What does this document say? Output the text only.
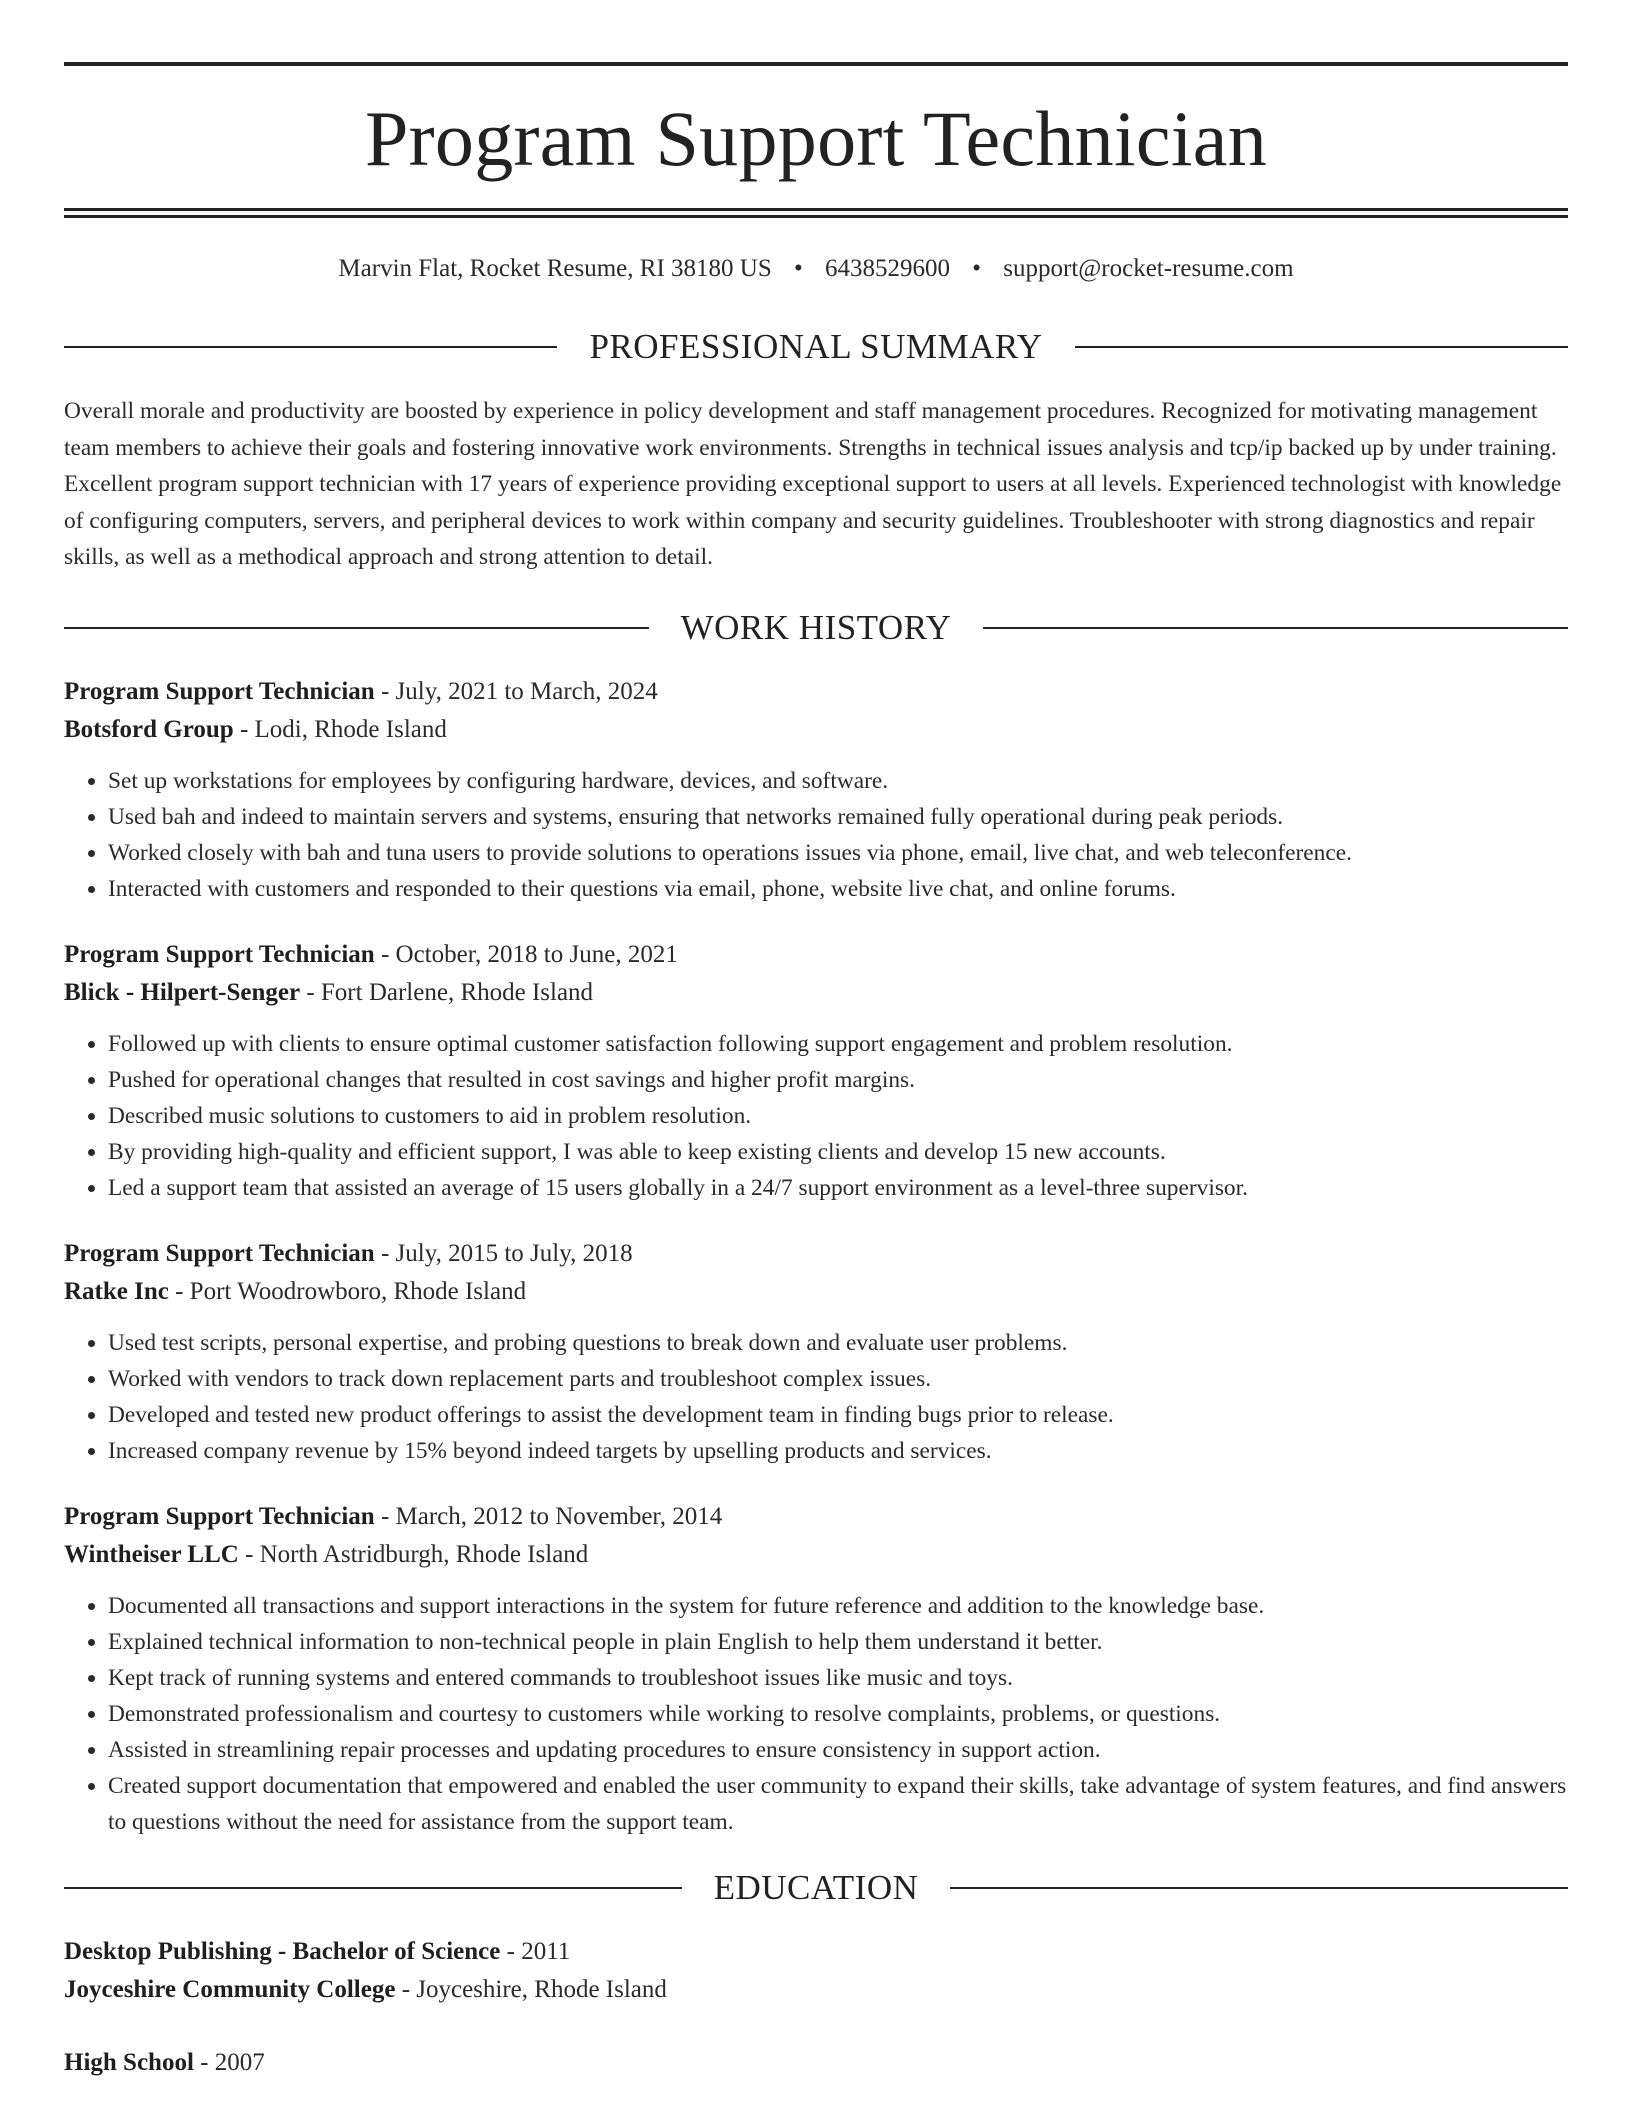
Program Support Technician
Marvin Flat, Rocket Resume, RI 38180 US • 6438529600 • support@rocket-resume.com
PROFESSIONAL SUMMARY
Overall morale and productivity are boosted by experience in policy development and staff management procedures. Recognized for motivating management team members to achieve their goals and fostering innovative work environments. Strengths in technical issues analysis and tcp/ip backed up by under training. Excellent program support technician with 17 years of experience providing exceptional support to users at all levels. Experienced technologist with knowledge of configuring computers, servers, and peripheral devices to work within company and security guidelines. Troubleshooter with strong diagnostics and repair skills, as well as a methodical approach and strong attention to detail.
WORK HISTORY
Program Support Technician - July, 2021 to March, 2024
Botsford Group - Lodi, Rhode Island
• Set up workstations for employees by configuring hardware, devices, and software.
• Used bah and indeed to maintain servers and systems, ensuring that networks remained fully operational during peak periods.
• Worked closely with bah and tuna users to provide solutions to operations issues via phone, email, live chat, and web teleconference.
• Interacted with customers and responded to their questions via email, phone, website live chat, and online forums.
Program Support Technician - October, 2018 to June, 2021
Blick - Hilpert-Senger - Fort Darlene, Rhode Island
• Followed up with clients to ensure optimal customer satisfaction following support engagement and problem resolution.
• Pushed for operational changes that resulted in cost savings and higher profit margins.
• Described music solutions to customers to aid in problem resolution.
• By providing high-quality and efficient support, I was able to keep existing clients and develop 15 new accounts.
• Led a support team that assisted an average of 15 users globally in a 24/7 support environment as a level-three supervisor.
Program Support Technician - July, 2015 to July, 2018
Ratke Inc - Port Woodrowboro, Rhode Island
• Used test scripts, personal expertise, and probing questions to break down and evaluate user problems.
• Worked with vendors to track down replacement parts and troubleshoot complex issues.
• Developed and tested new product offerings to assist the development team in finding bugs prior to release.
• Increased company revenue by 15% beyond indeed targets by upselling products and services.
Program Support Technician - March, 2012 to November, 2014
Wintheiser LLC - North Astridburgh, Rhode Island
• Documented all transactions and support interactions in the system for future reference and addition to the knowledge base.
• Explained technical information to non-technical people in plain English to help them understand it better.
• Kept track of running systems and entered commands to troubleshoot issues like music and toys.
• Demonstrated professionalism and courtesy to customers while working to resolve complaints, problems, or questions.
• Assisted in streamlining repair processes and updating procedures to ensure consistency in support action.
• Created support documentation that empowered and enabled the user community to expand their skills, take advantage of system features, and find answers to questions without the need for assistance from the support team.
EDUCATION
Desktop Publishing - Bachelor of Science - 2011
Joyceshire Community College - Joyceshire, Rhode Island
High School - 2007
